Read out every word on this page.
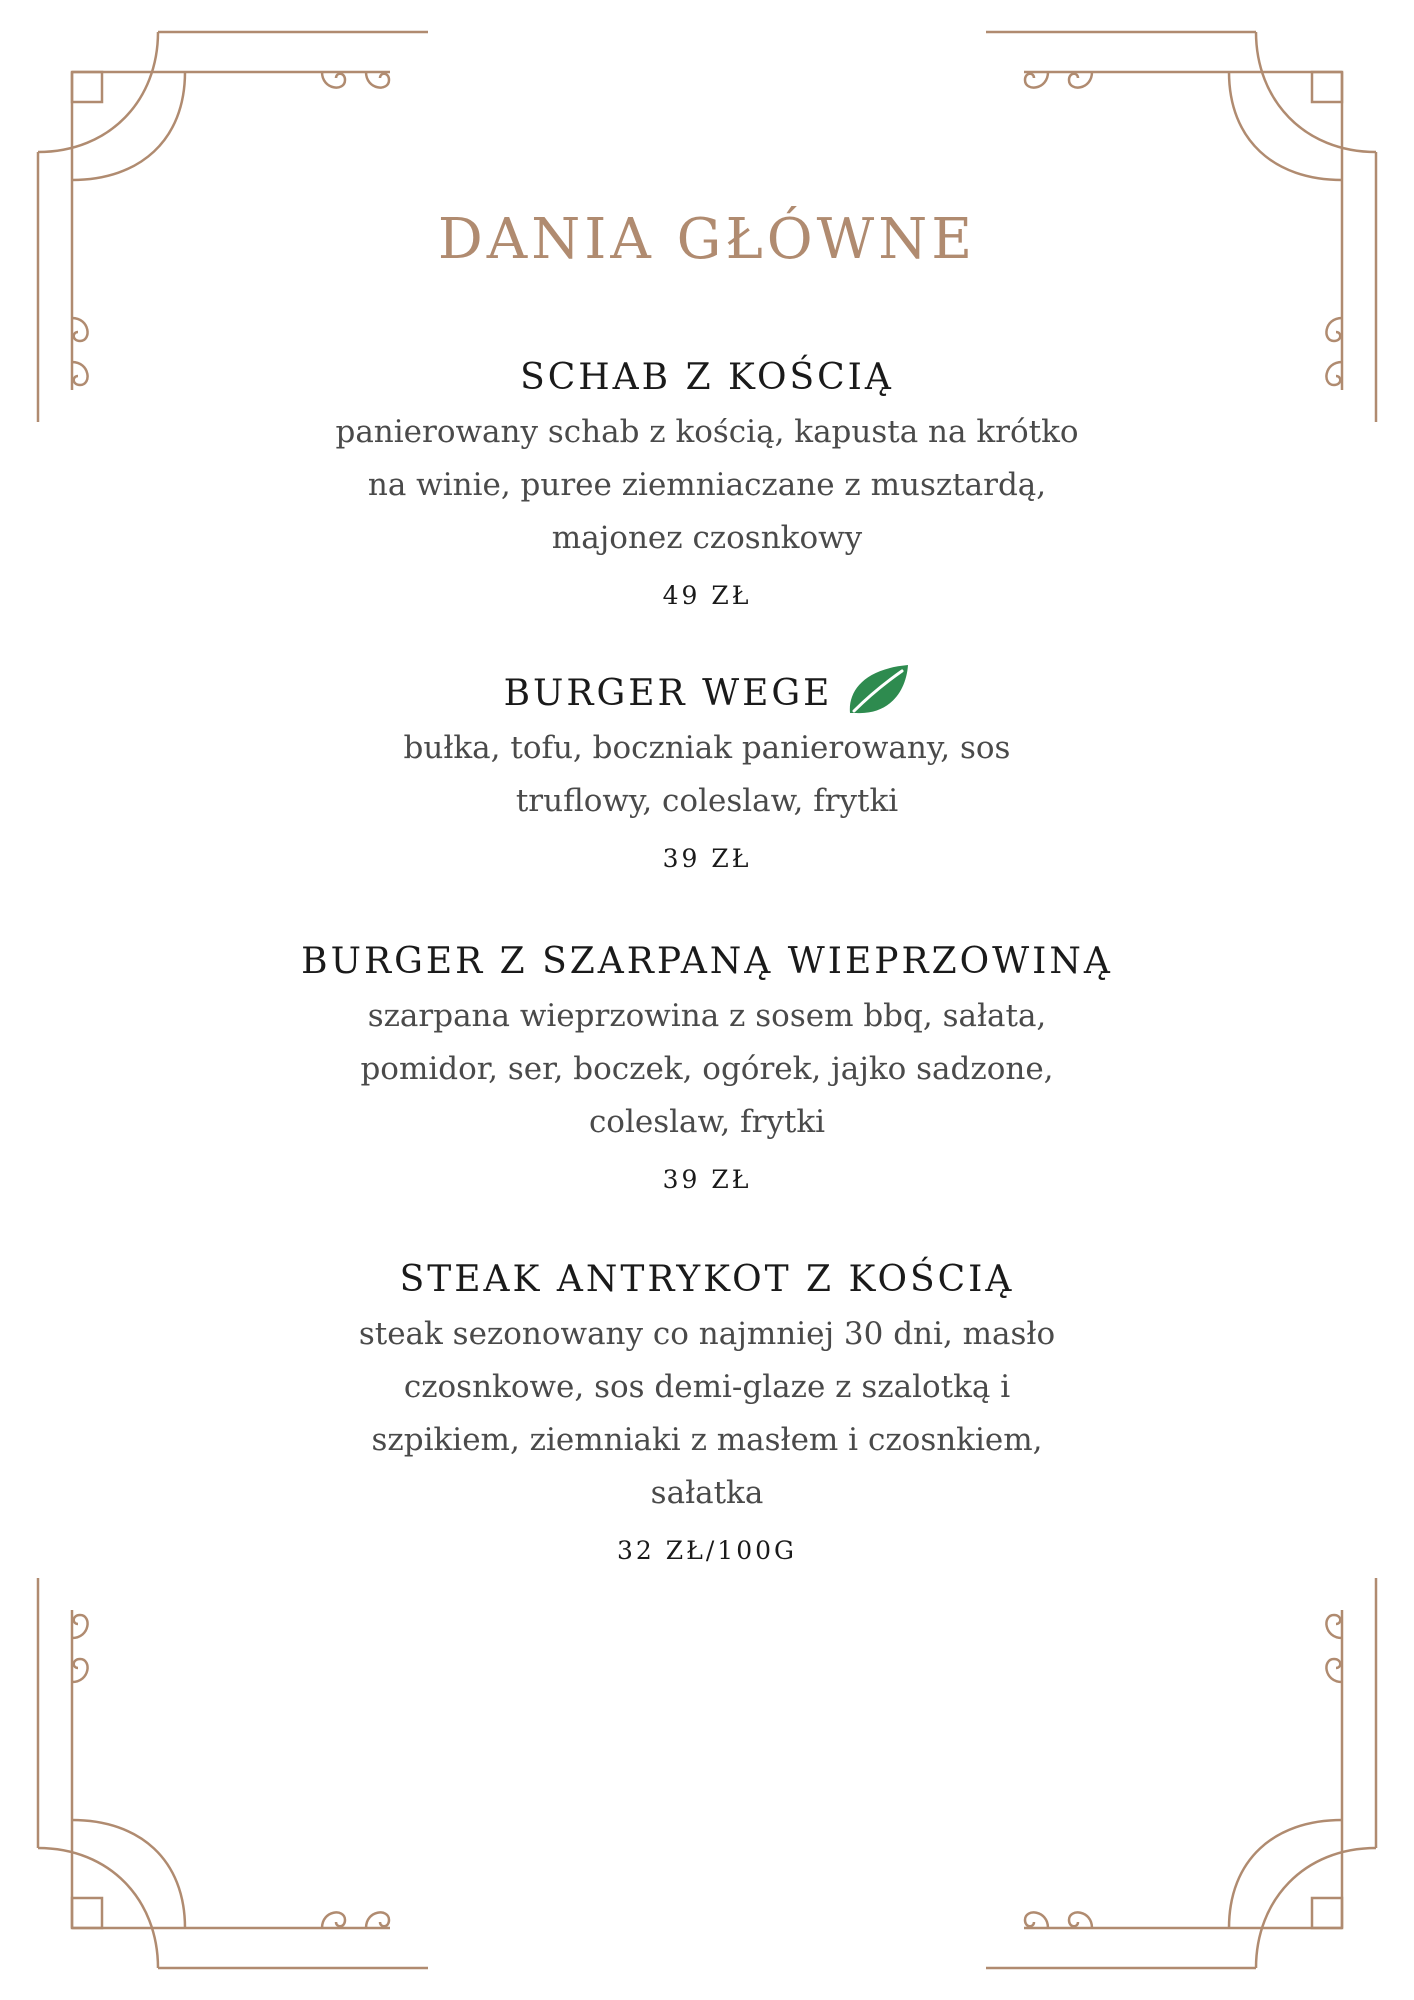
DANIA GŁÓWNE
SCHAB Z KOŚCIĄ
panierowany schab z kością, kapusta na krótko
na winie, puree ziemniaczane z musztardą,
majonez czosnkowy
49 ZŁ
BURGER WEGE
bułka, tofu, boczniak panierowany, sos
truflowy, coleslaw, frytki
39 ZŁ
BURGER Z SZARPANĄ WIEPRZOWINĄ
szarpana wieprzowina z sosem bbq, sałata,
pomidor, ser, boczek, ogórek, jajko sadzone,
coleslaw, frytki
39 ZŁ
STEAK ANTRYKOT Z KOŚCIĄ
steak sezonowany co najmniej 30 dni, masło
czosnkowe, sos demi-glaze z szalotką i
szpikiem, ziemniaki z masłem i czosnkiem,
sałatka
32 ZŁ/100G
